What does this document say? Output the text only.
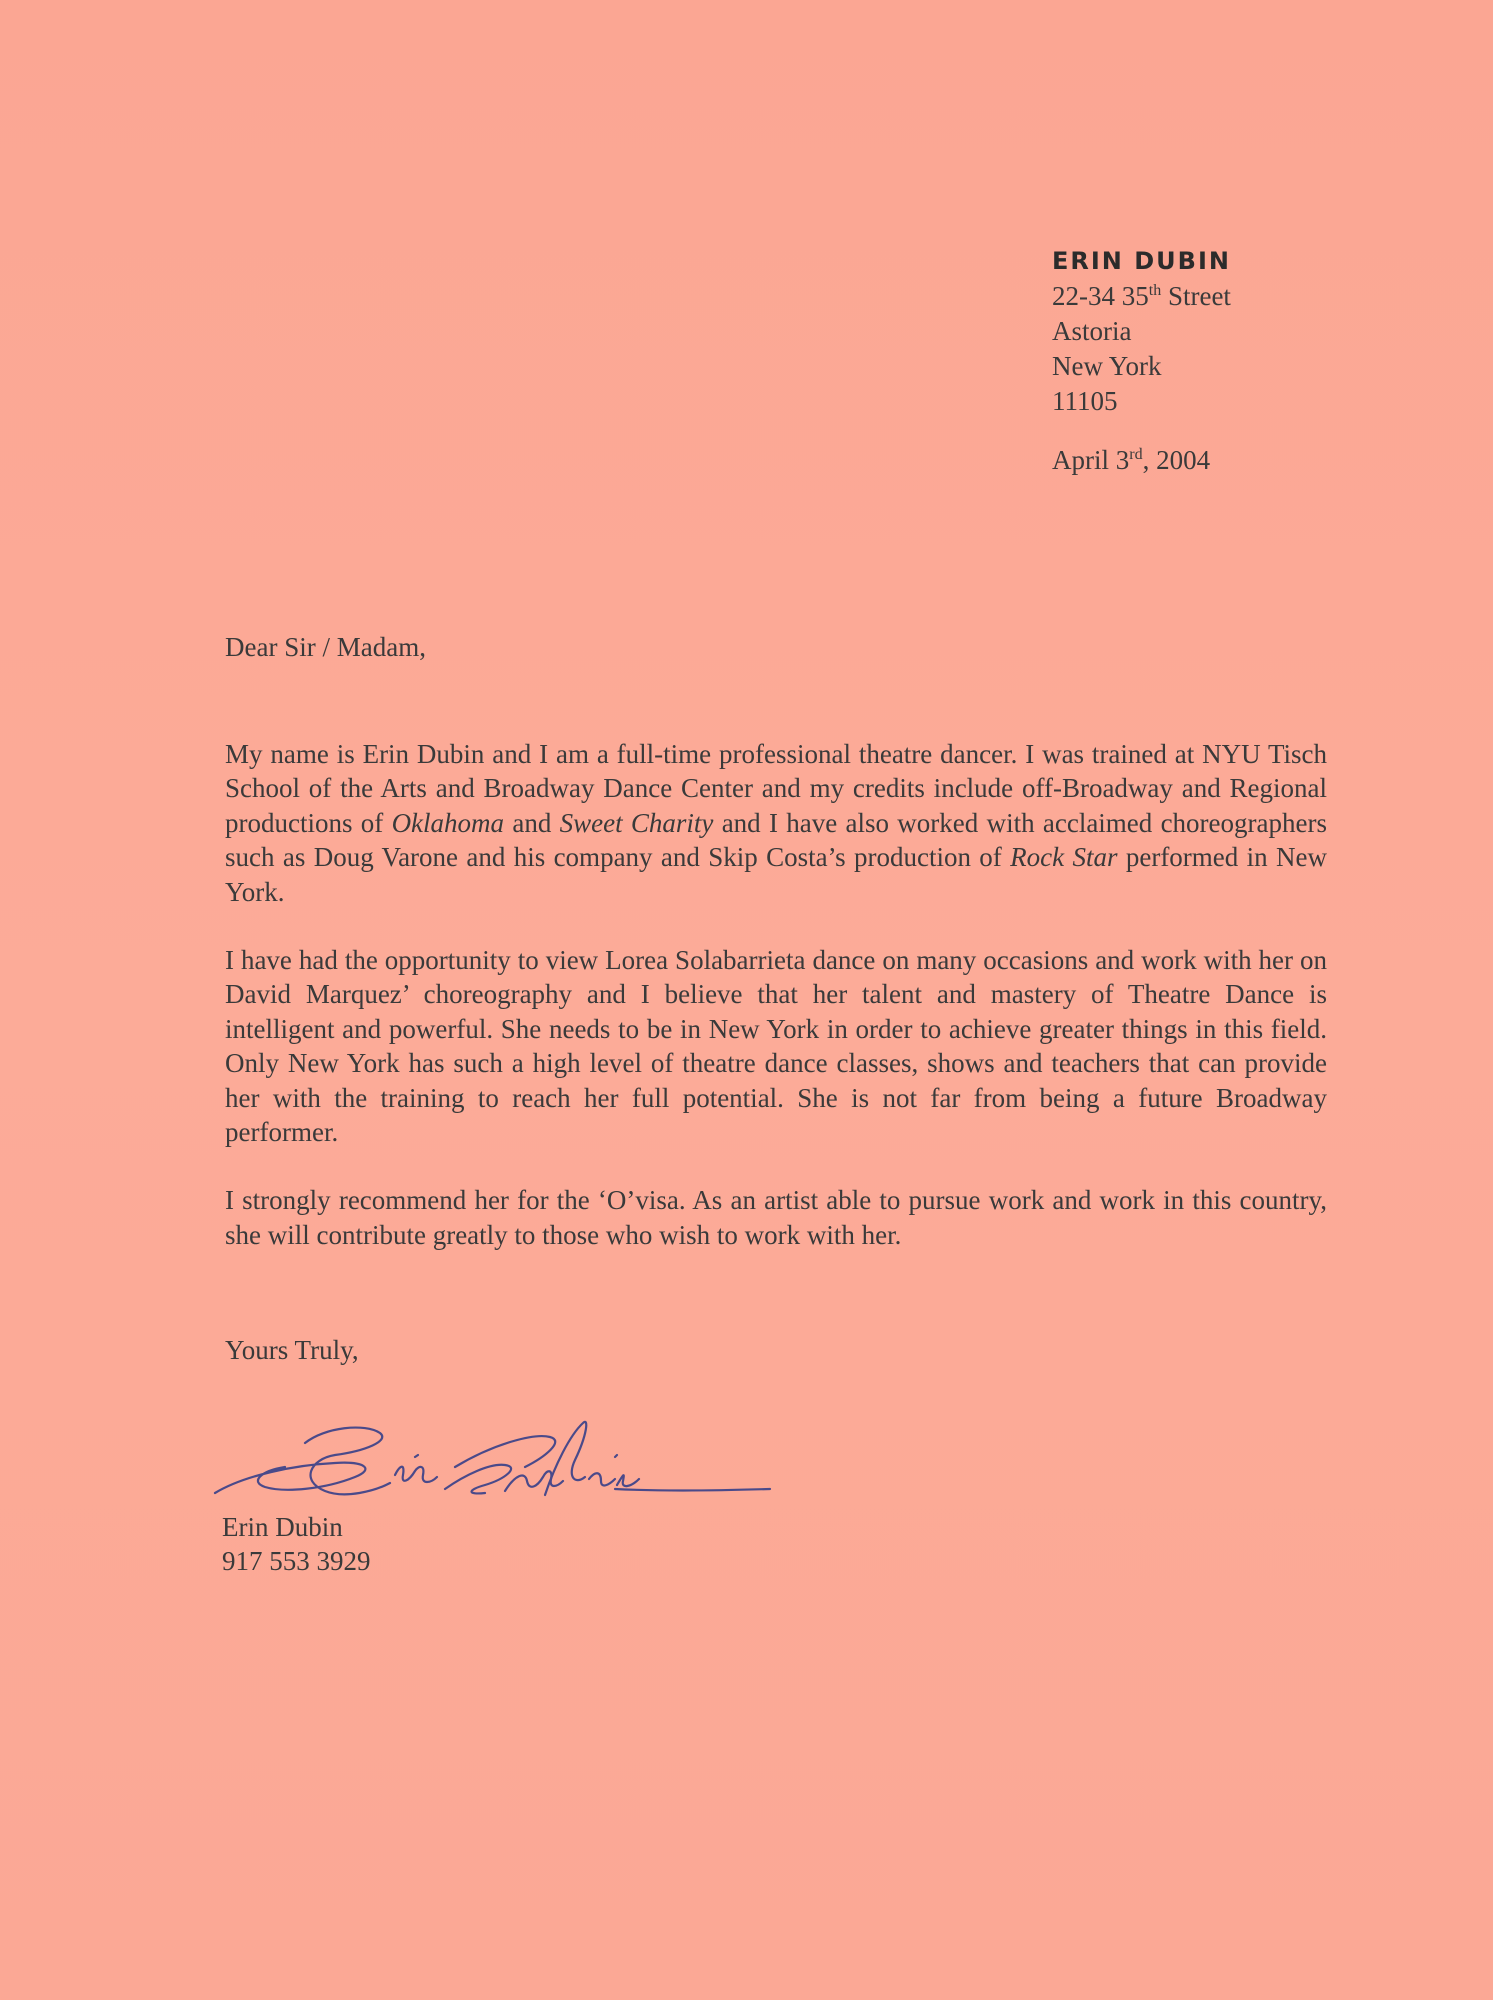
ERIN DUBIN

22-34 35th Street

Astoria

New York

11105

April 3rd, 2004

Dear Sir / Madam,

My name is Erin Dubin and I am a full-time professional theatre dancer. I was trained at NYU Tisch School of the Arts and Broadway Dance Center and my credits include off-Broadway and Regional productions of Oklahoma and Sweet Charity and I have also worked with acclaimed choreographers such as Doug Varone and his company and Skip Costa’s production of Rock Star performed in New York.

I have had the opportunity to view Lorea Solabarrieta dance on many occasions and work with her on David Marquez’ choreography and I believe that her talent and mastery of Theatre Dance is intelligent and powerful. She needs to be in New York in order to achieve greater things in this field. Only New York has such a high level of theatre dance classes, shows and teachers that can provide her with the training to reach her full potential. She is not far from being a future Broadway performer.

I strongly recommend her for the ‘O’visa. As an artist able to pursue work and work in this country, she will contribute greatly to those who wish to work with her.

Yours Truly,

Erin Dubin

917 553 3929
